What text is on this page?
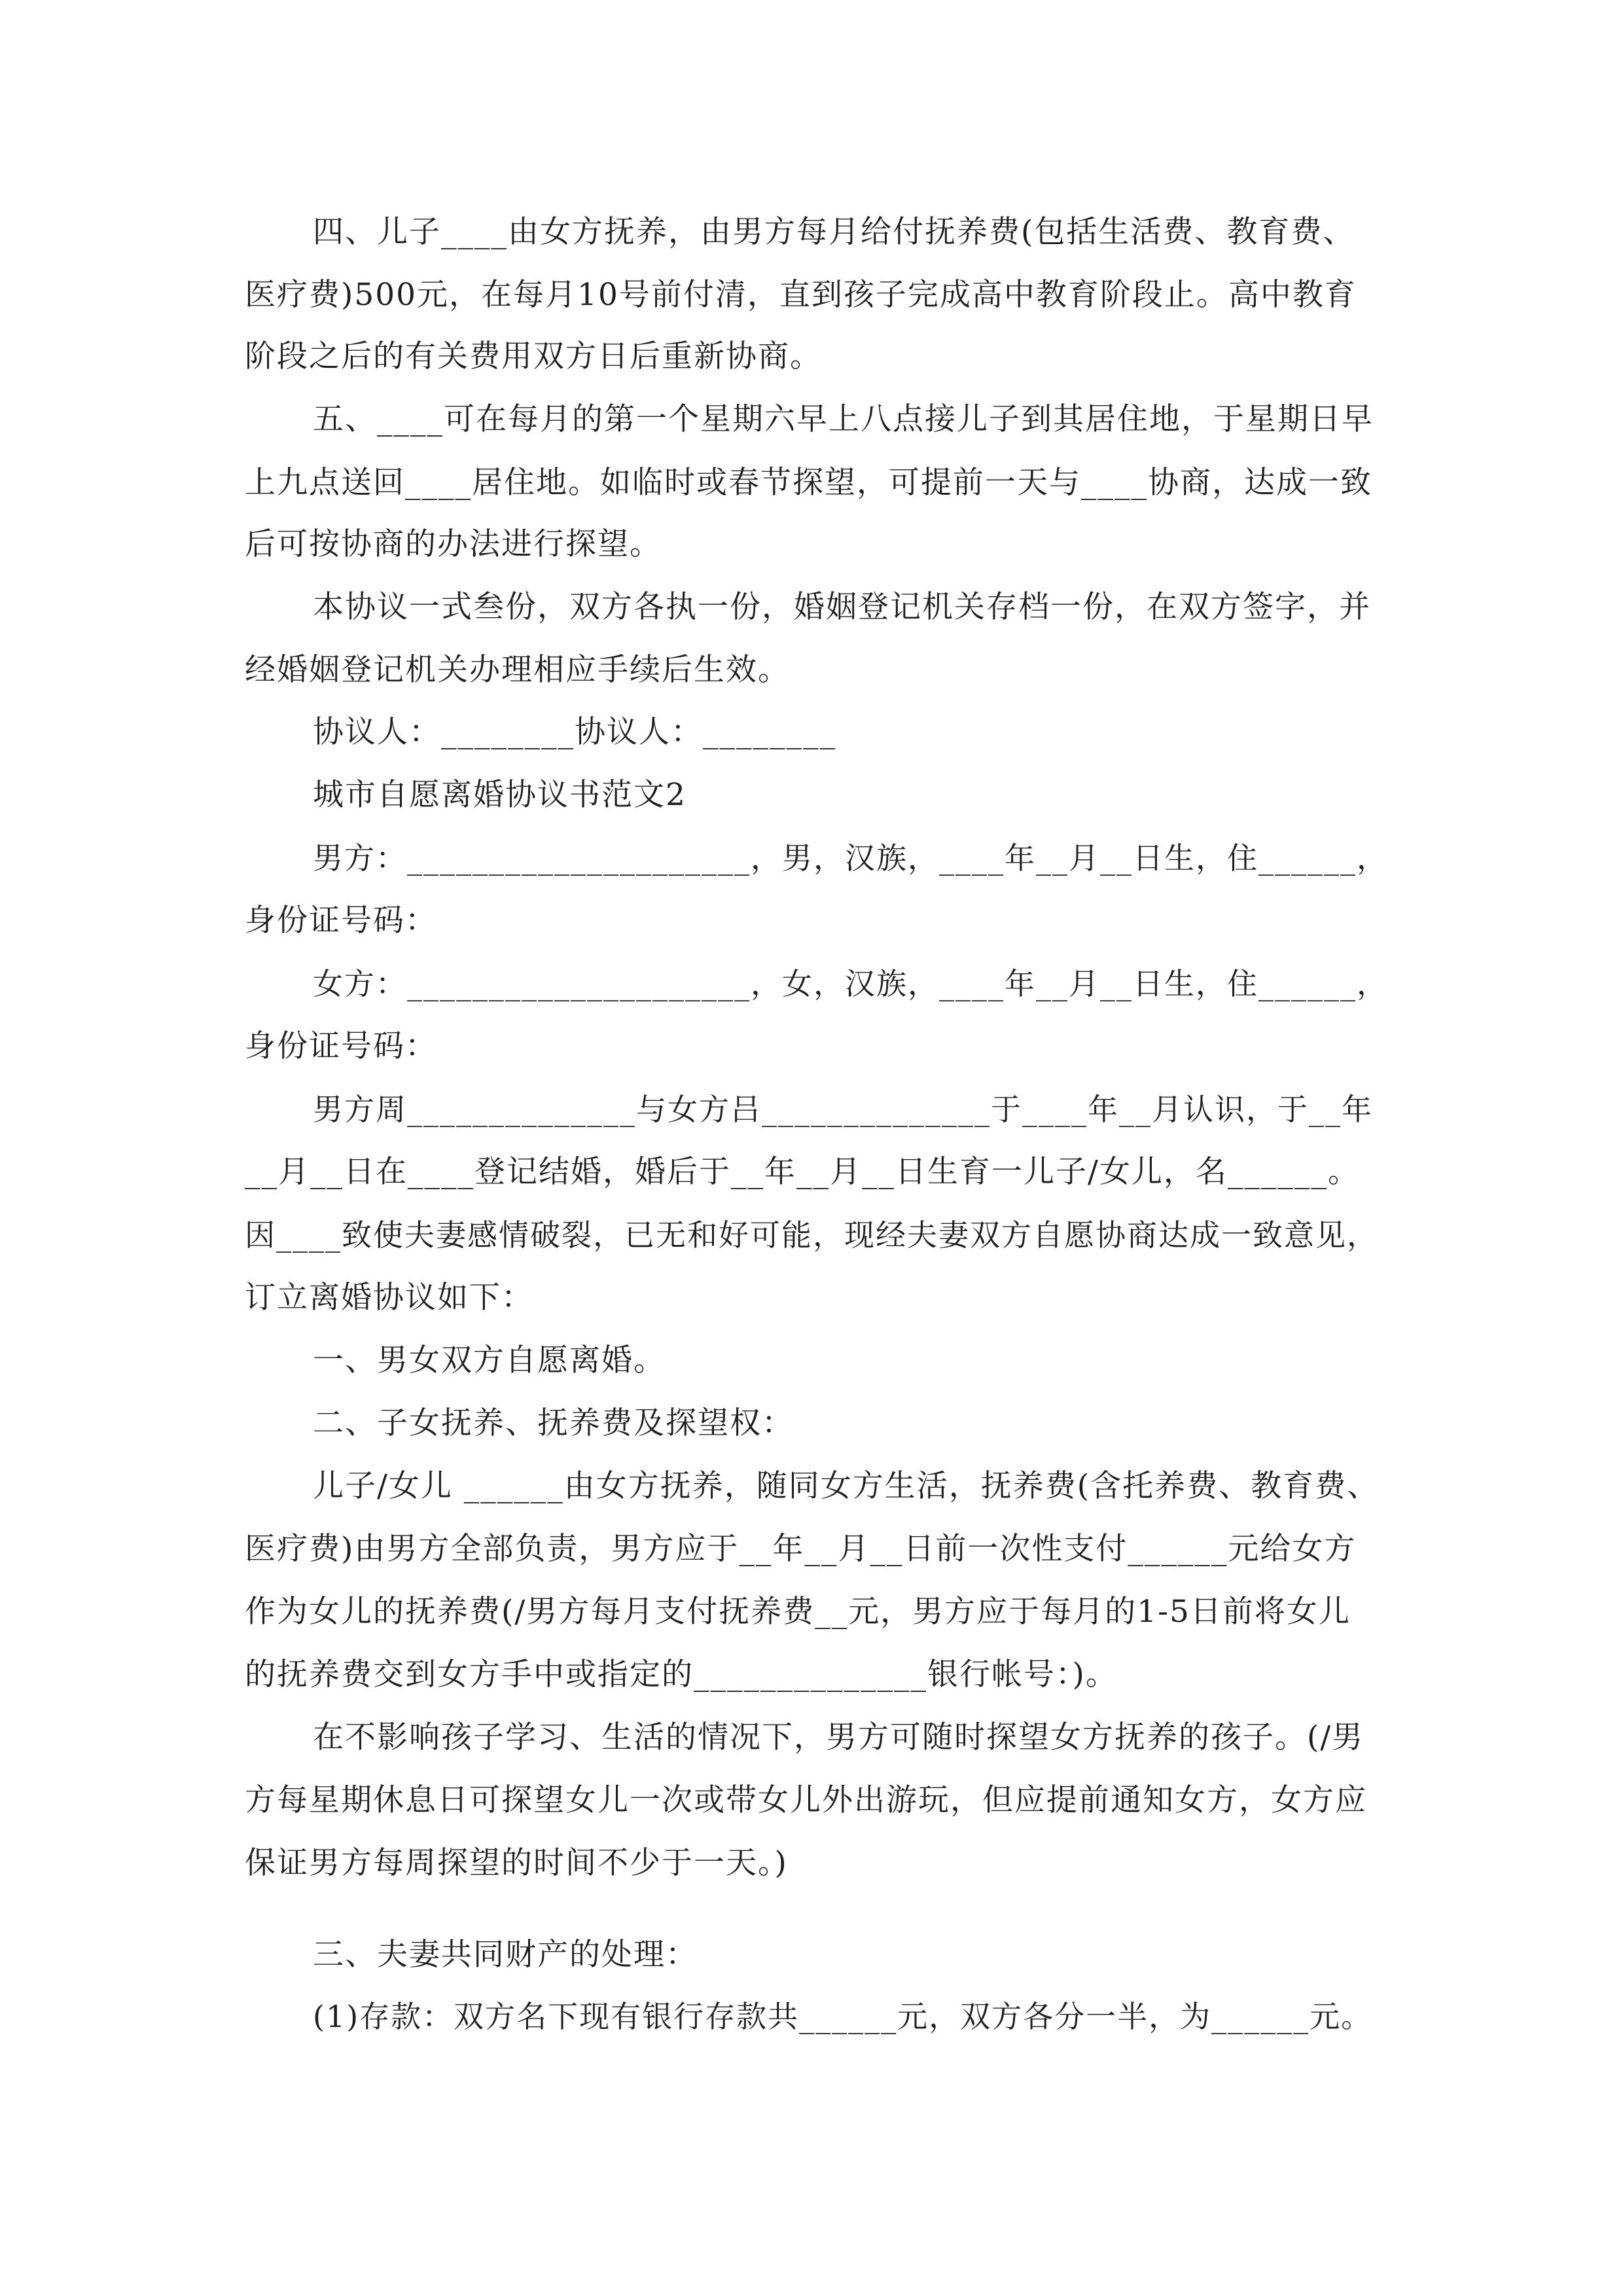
四、儿子____由女方抚养，由男方每月给付抚养费(包括生活费、教育费、
医疗费)500元，在每月10号前付清，直到孩子完成高中教育阶段止。高中教育
阶段之后的有关费用双方日后重新协商。
五、____可在每月的第一个星期六早上八点接儿子到其居住地，于星期日早
上九点送回____居住地。如临时或春节探望，可提前一天与____协商，达成一致
后可按协商的办法进行探望。
本协议一式叁份，双方各执一份，婚姻登记机关存档一份，在双方签字，并
经婚姻登记机关办理相应手续后生效。
协议人：________协议人：________
城市自愿离婚协议书范文2
男方：_____________________，男，汉族，____年__月__日生，住______，
身份证号码：
女方：_____________________，女，汉族，____年__月__日生，住______，
身份证号码：
男方周______________与女方吕______________于____年__月认识，于__年
__月__日在____登记结婚，婚后于__年__月__日生育一儿子/女儿，名______。
因____致使夫妻感情破裂，已无和好可能，现经夫妻双方自愿协商达成一致意见，
订立离婚协议如下：
一、男女双方自愿离婚。
二、子女抚养、抚养费及探望权：
儿子/女儿 ______由女方抚养，随同女方生活，抚养费(含托养费、教育费、
医疗费)由男方全部负责，男方应于__年__月__日前一次性支付______元给女方
作为女儿的抚养费(/男方每月支付抚养费__元，男方应于每月的1-5日前将女儿
的抚养费交到女方手中或指定的______________银行帐号：)。
在不影响孩子学习、生活的情况下，男方可随时探望女方抚养的孩子。(/男
方每星期休息日可探望女儿一次或带女儿外出游玩，但应提前通知女方，女方应
保证男方每周探望的时间不少于一天。)
三、夫妻共同财产的处理：
(1)存款：双方名下现有银行存款共______元，双方各分一半，为______元。
